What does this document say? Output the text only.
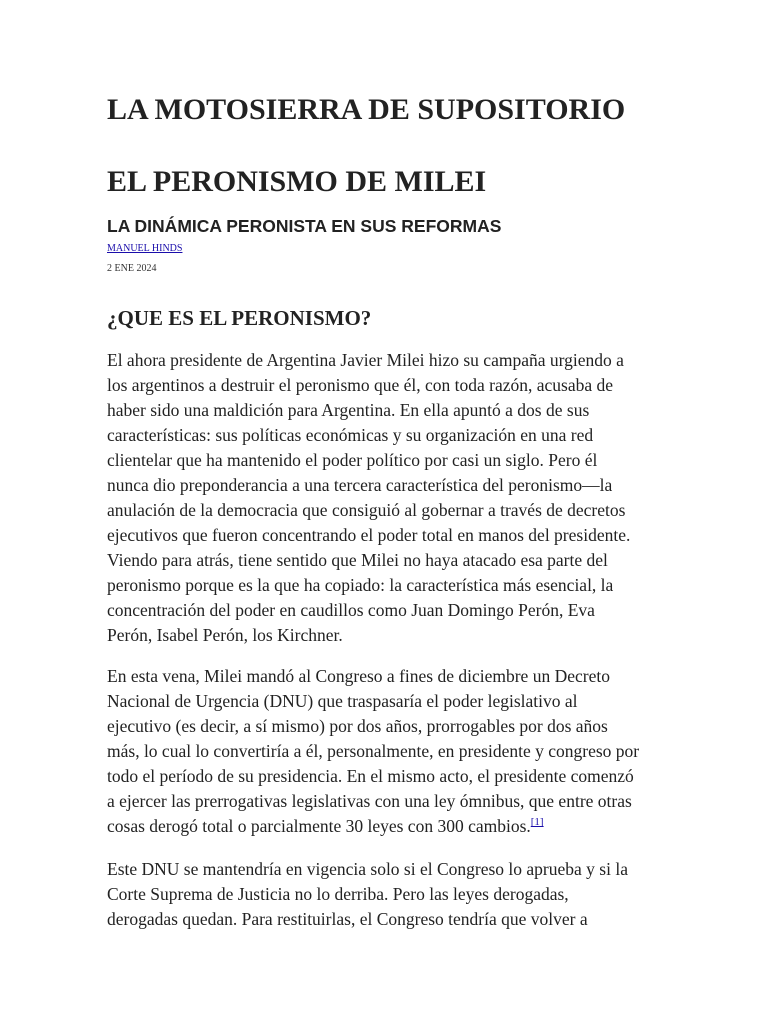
LA MOTOSIERRA DE SUPOSITORIO
EL PERONISMO DE MILEI
LA DINÁMICA PERONISTA EN SUS REFORMAS
MANUEL HINDS
2 ENE 2024
¿QUE ES EL PERONISMO?
El ahora presidente de Argentina Javier Milei hizo su campaña urgiendo a
los argentinos a destruir el peronismo que él, con toda razón, acusaba de
haber sido una maldición para Argentina. En ella apuntó a dos de sus
características: sus políticas económicas y su organización en una red
clientelar que ha mantenido el poder político por casi un siglo. Pero él
nunca dio preponderancia a una tercera característica del peronismo—la
anulación de la democracia que consiguió al gobernar a través de decretos
ejecutivos que fueron concentrando el poder total en manos del presidente.
Viendo para atrás, tiene sentido que Milei no haya atacado esa parte del
peronismo porque es la que ha copiado: la característica más esencial, la
concentración del poder en caudillos como Juan Domingo Perón, Eva
Perón, Isabel Perón, los Kirchner.
En esta vena, Milei mandó al Congreso a fines de diciembre un Decreto
Nacional de Urgencia (DNU) que traspasaría el poder legislativo al
ejecutivo (es decir, a sí mismo) por dos años, prorrogables por dos años
más, lo cual lo convertiría a él, personalmente, en presidente y congreso por
todo el período de su presidencia. En el mismo acto, el presidente comenzó
a ejercer las prerrogativas legislativas con una ley ómnibus, que entre otras
cosas derogó total o parcialmente 30 leyes con 300 cambios.[1]
Este DNU se mantendría en vigencia solo si el Congreso lo aprueba y si la
Corte Suprema de Justicia no lo derriba. Pero las leyes derogadas,
derogadas quedan. Para restituirlas, el Congreso tendría que volver a
